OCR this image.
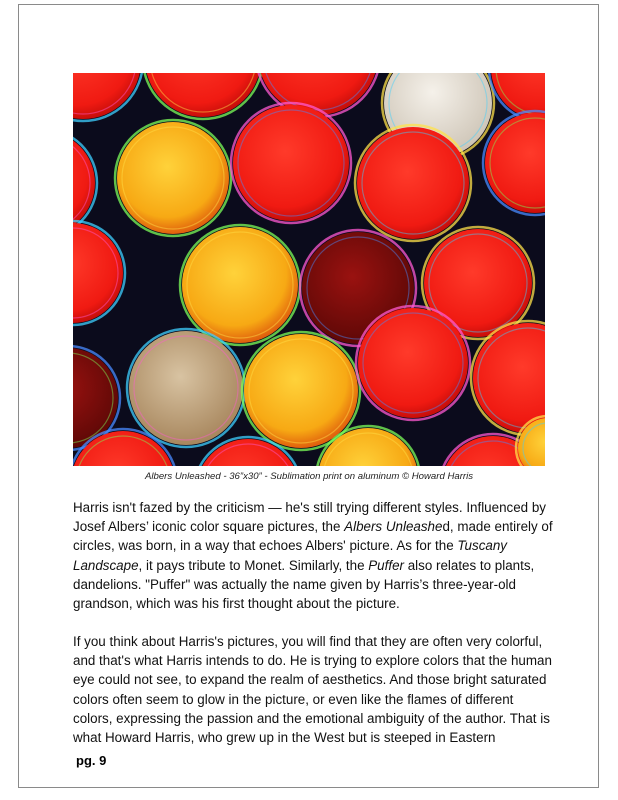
Albers Unleashed - 36”x30” - Sublimation print on aluminum © Howard Harris
Harris isn't fazed by the criticism — he's still trying different styles. Influenced by Josef Albers’ iconic color square pictures, the Albers Unleashed, made entirely of circles, was born, in a way that echoes Albers' picture. As for the Tuscany Landscape, it pays tribute to Monet. Similarly, the Puffer also relates to plants, dandelions. "Puffer" was actually the name given by Harris’s three-year-old grandson, which was his first thought about the picture.
If you think about Harris's pictures, you will find that they are often very colorful, and that's what Harris intends to do. He is trying to explore colors that the human eye could not see, to expand the realm of aesthetics. And those bright saturated colors often seem to glow in the picture, or even like the flames of different colors, expressing the passion and the emotional ambiguity of the author. That is what Howard Harris, who grew up in the West but is steeped in Eastern
pg. 9
